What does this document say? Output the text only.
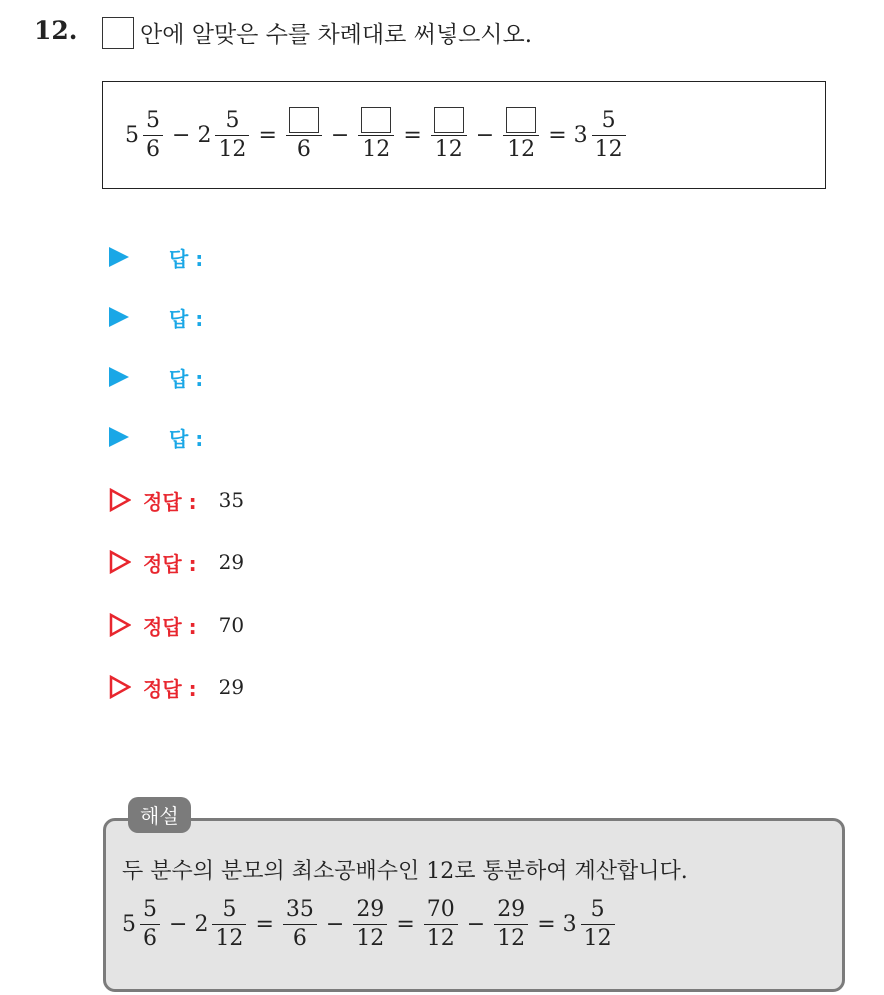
12.	안에 알맞은 수를 차례대로 써넣으시오.
$5 \frac{5}{6} - 2 \frac{5}{12}$ =
6
−
12
=
12
−
12
= $3 \frac{5}{12}$
답 :
답 :
답 :
답 :
정답 : 35
정답 : 29
정답 : 70
정답 : 29
해설
두 분수의 분모의 최소공배수인 12로 통분하여 계산합니다.
$5 \frac{5}{6} - 2 \frac{5}{12} = \frac{35}{6} - \frac{29}{12} = \frac{70}{12} - \frac{29}{12} = 3 \frac{5}{12}$
